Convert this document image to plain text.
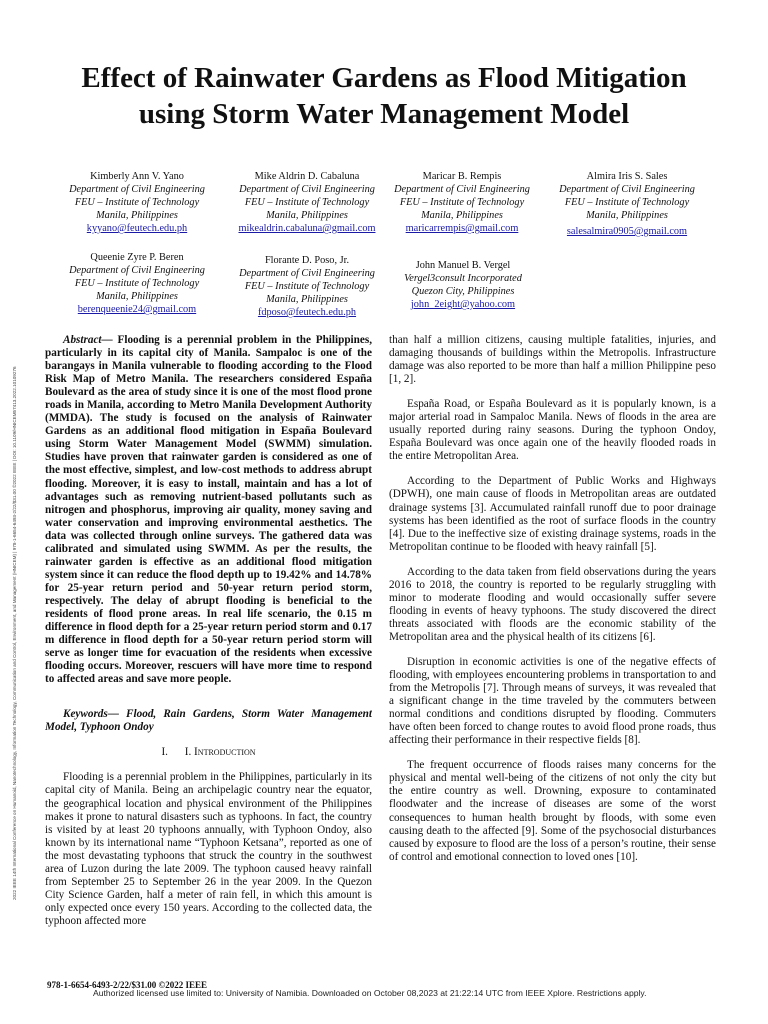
2022 IEEE 14th International Conference on Humanoid, Nanotechnology, Information Technology, Communication and Control, Environment, and Management (HNICEM) | 978-1-6654-6493-2/22/$31.00 ©2022 IEEE | DOI: 10.1109/HNICEM57413.2022.10109276
Effect of Rainwater Gardens as Flood Mitigation using Storm Water Management Model
Kimberly Ann V. Yano
Department of Civil Engineering
FEU – Institute of Technology
Manila, Philippines
kyyano@feutech.edu.ph
Mike Aldrin D. Cabaluna
Department of Civil Engineering
FEU – Institute of Technology
Manila, Philippines
mikealdrin.cabaluna@gmail.com
Maricar B. Rempis
Department of Civil Engineering
FEU – Institute of Technology
Manila, Philippines
maricarrempis@gmail.com
Almira Iris S. Sales
Department of Civil Engineering
FEU – Institute of Technology
Manila, Philippines
salesalmira0905@gmail.com
Queenie Zyre P. Beren
Department of Civil Engineering
FEU – Institute of Technology
Manila, Philippines
berenqueenie24@gmail.com
Florante D. Poso, Jr.
Department of Civil Engineering
FEU – Institute of Technology
Manila, Philippines
fdposo@feutech.edu.ph
John Manuel B. Vergel
Vergel3consult Incorporated
Quezon City, Philippines
john_2eight@yahoo.com

Abstract— Flooding is a perennial problem in the Philippines, particularly in its capital city of Manila. Sampaloc is one of the barangays in Manila vulnerable to flooding according to the Flood Risk Map of Metro Manila. The researchers considered España Boulevard as the area of study since it is one of the most flood prone roads in Manila, according to Metro Manila Development Authority (MMDA). The study is focused on the analysis of Rainwater Gardens as an additional flood mitigation in España Boulevard using Storm Water Management Model (SWMM) simulation. Studies have proven that rainwater garden is considered as one of the most effective, simplest, and low-cost methods to address abrupt flooding. Moreover, it is easy to install, maintain and has a lot of advantages such as removing nutrient-based pollutants such as nitrogen and phosphorus, improving air quality, money saving and water conservation and improving environmental aesthetics. The data was collected through online surveys. The gathered data was calibrated and simulated using SWMM. As per the results, the rainwater garden is effective as an additional flood mitigation system since it can reduce the flood depth up to 19.42% and 14.78% for 25-year return period and 50-year return period storm, respectively. The delay of abrupt flooding is beneficial to the residents of flood prone areas. In real life scenario, the 0.15 m difference in flood depth for a 25-year return period storm and 0.17 m difference in flood depth for a 50-year return period storm will serve as longer time for evacuation of the residents when excessive flooding occurs. Moreover, rescuers will have more time to respond to affected areas and save more people.

Keywords— Flood, Rain Gardens, Storm Water Management Model, Typhoon Ondoy

I.      I. Introduction

Flooding is a perennial problem in the Philippines, particularly in its capital city of Manila. Being an archipelagic country near the equator, the geographical location and physical environment of the Philippines makes it prone to natural disasters such as typhoons. In fact, the country is visited by at least 20 typhoons annually, with Typhoon Ondoy, also known by its international name “Typhoon Ketsana”, reported as one of the most devastating typhoons that struck the country in the southwest area of Luzon during the late 2009. The typhoon caused heavy rainfall from September 25 to September 26 in the year 2009. In the Quezon City Science Garden, half a meter of rain fell, in which this amount is only expected once every 150 years. According to the collected data, the typhoon affected more

than half a million citizens, causing multiple fatalities, injuries, and damaging thousands of buildings within the Metropolis. Infrastructure damage was also reported to be more than half a million Philippine peso [1, 2].

España Road, or España Boulevard as it is popularly known, is a major arterial road in Sampaloc Manila. News of floods in the area are usually reported during rainy seasons. During the typhoon Ondoy, España Boulevard was once again one of the heavily flooded roads in the entire Metropolitan Area.

According to the Department of Public Works and Highways (DPWH), one main cause of floods in Metropolitan areas are outdated drainage systems [3]. Accumulated rainfall runoff due to poor drainage systems has been identified as the root of surface floods in the country [4]. Due to the ineffective size of existing drainage systems, roads in the Metropolitan continue to be flooded with heavy rainfall [5].

According to the data taken from field observations during the years 2016 to 2018, the country is reported to be regularly struggling with minor to moderate flooding and would occasionally suffer severe flooding in events of heavy typhoons. The study discovered the direct threats associated with floods are the economic stability of the Metropolitan area and the physical health of its citizens [6].

Disruption in economic activities is one of the negative effects of flooding, with employees encountering problems in transportation to and from the Metropolis [7]. Through means of surveys, it was revealed that a significant change in the time traveled by the commuters between normal conditions and conditions disrupted by flooding. Commuters have often been forced to change routes to avoid flood prone roads, thus affecting their performance in their respective fields [8].

The frequent occurrence of floods raises many concerns for the physical and mental well-being of the citizens of not only the city but the entire country as well. Drowning, exposure to contaminated floodwater and the increase of diseases are some of the worst consequences to human health brought by floods, with some even causing death to the affected [9]. Some of the psychosocial disturbances caused by exposure to flood are the loss of a person’s routine, their sense of control and emotional connection to loved ones [10].

978-1-6654-6493-2/22/$31.00 ©2022 IEEE
Authorized licensed use limited to: University of Namibia. Downloaded on October 08,2023 at 21:22:14 UTC from IEEE Xplore. Restrictions apply.
